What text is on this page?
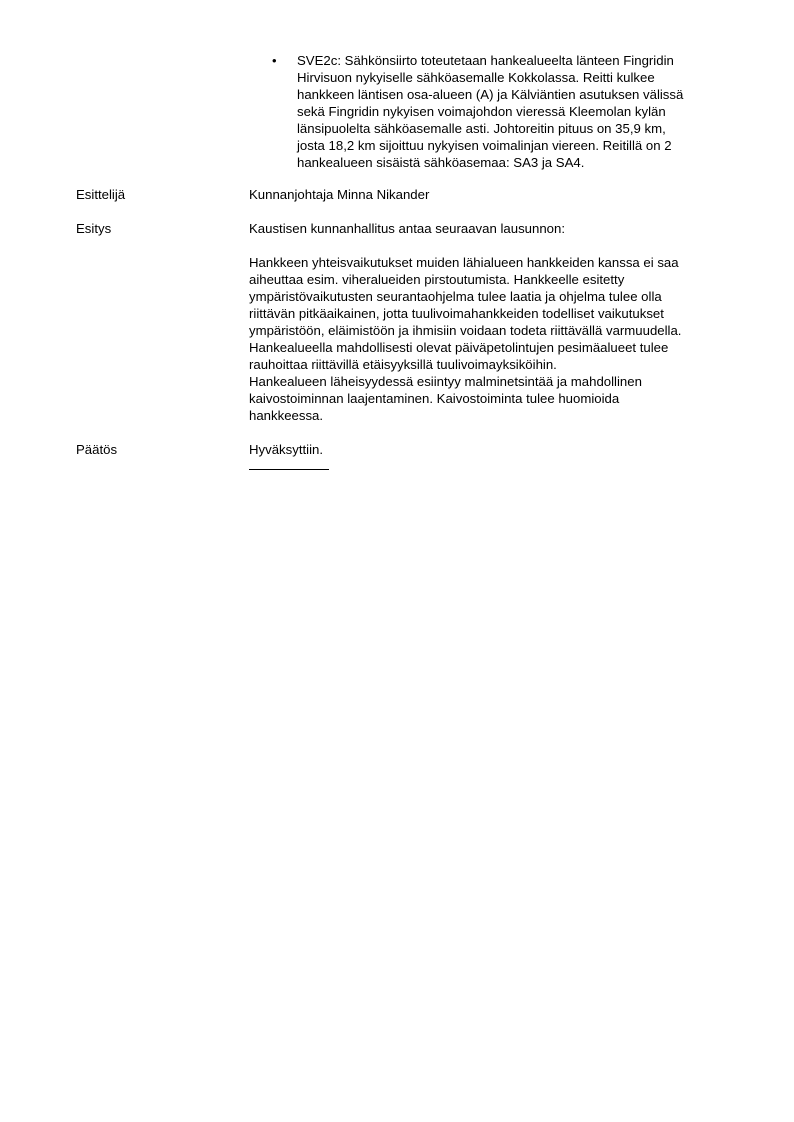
• SVE2c: Sähkönsiirto toteutetaan hankealueelta länteen Fingridin
Hirvisuon nykyiselle sähköasemalle Kokkolassa. Reitti kulkee
hankkeen läntisen osa-alueen (A) ja Kälviäntien asutuksen välissä
sekä Fingridin nykyisen voimajohdon vieressä Kleemolan kylän
länsipuolelta sähköasemalle asti. Johtoreitin pituus on 35,9 km,
josta 18,2 km sijoittuu nykyisen voimalinjan viereen. Reitillä on 2
hankealueen sisäistä sähköasemaa: SA3 ja SA4.
Esittelijä	Kunnanjohtaja Minna Nikander
Esitys	Kaustisen kunnanhallitus antaa seuraavan lausunnon:
Hankkeen yhteisvaikutukset muiden lähialueen hankkeiden kanssa ei saa
aiheuttaa esim. viheralueiden pirstoutumista. Hankkeelle esitetty
ympäristövaikutusten seurantaohjelma tulee laatia ja ohjelma tulee olla
riittävän pitkäaikainen, jotta tuulivoimahankkeiden todelliset vaikutukset
ympäristöön, eläimistöön ja ihmisiin voidaan todeta riittävällä varmuudella.
Hankealueella mahdollisesti olevat päiväpetolintujen pesimäalueet tulee
rauhoittaa riittävillä etäisyyksillä tuulivoimayksiköihin.
Hankealueen läheisyydessä esiintyy malminetsintää ja mahdollinen
kaivostoiminnan laajentaminen. Kaivostoiminta tulee huomioida
hankkeessa.
Päätös	Hyväksyttiin.
